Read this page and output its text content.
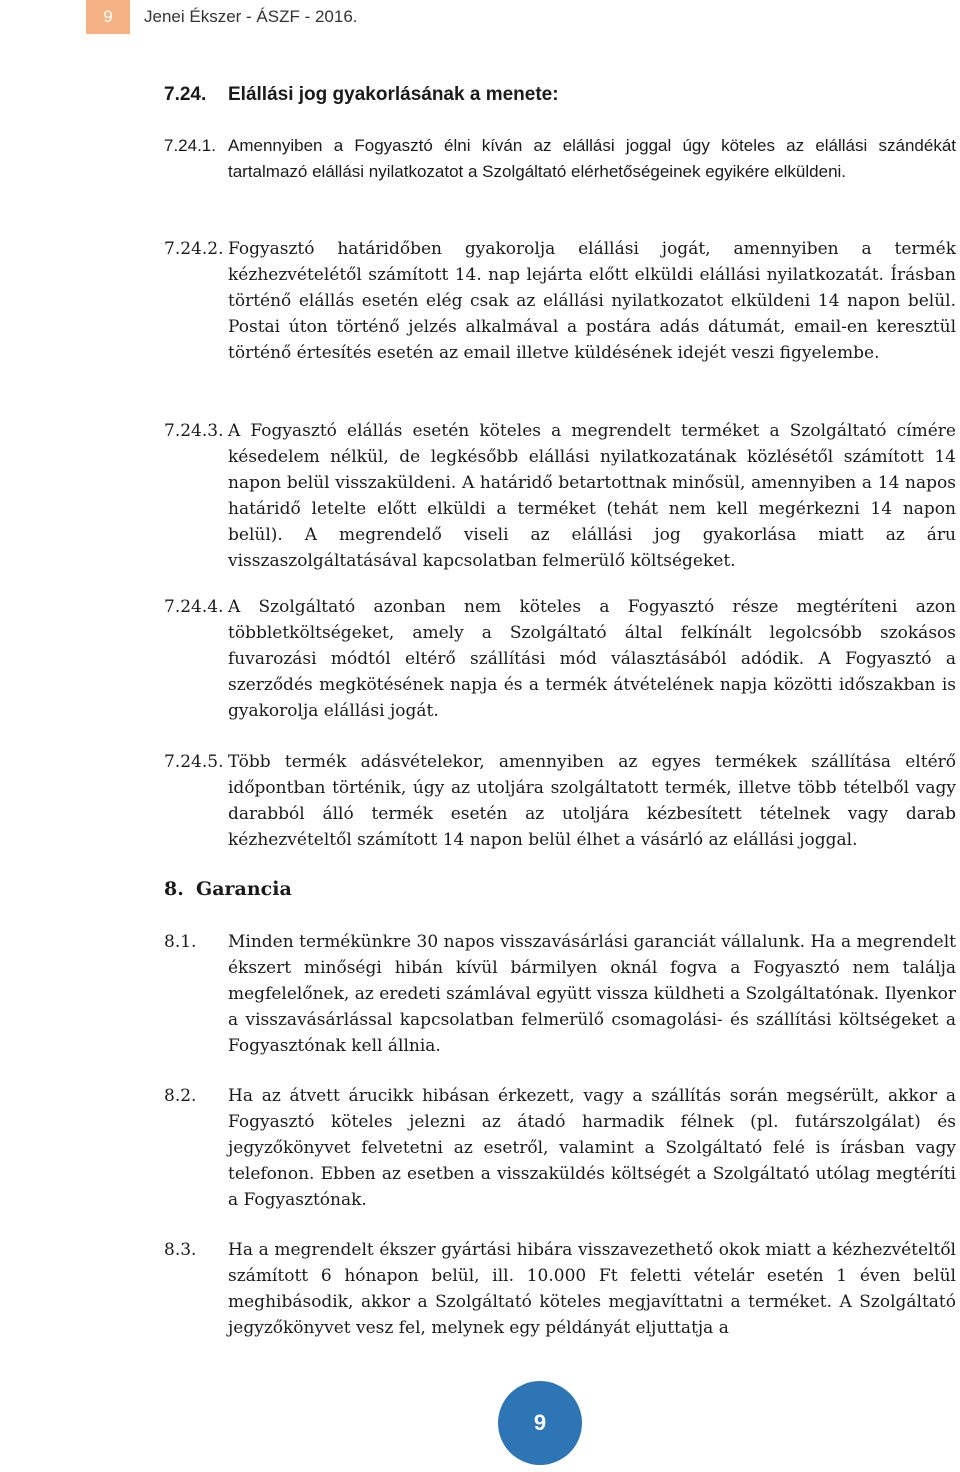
9	Jenei Ékszer - ÁSZF - 2016.
7.24. Elállási jog gyakorlásának a menete:
7.24.1. Amennyiben a Fogyasztó élni kíván az elállási joggal úgy köteles az elállási szándékát tartalmazó elállási nyilatkozatot a Szolgáltató elérhetőségeinek egyikére elküldeni.
7.24.2. Fogyasztó határidőben gyakorolja elállási jogát, amennyiben a termék kézhezvételétől számított 14. nap lejárta előtt elküldi elállási nyilatkozatát. Írásban történő elállás esetén elég csak az elállási nyilatkozatot elküldeni 14 napon belül. Postai úton történő jelzés alkalmával a postára adás dátumát, email-en keresztül történő értesítés esetén az email illetve küldésének idejét veszi figyelembe.
7.24.3. A Fogyasztó elállás esetén köteles a megrendelt terméket a Szolgáltató címére késedelem nélkül, de legkésőbb elállási nyilatkozatának közlésétől számított 14 napon belül visszaküldeni. A határidő betartottnak minősül, amennyiben a 14 napos határidő letelte előtt elküldi a terméket (tehát nem kell megérkezni 14 napon belül). A megrendelő viseli az elállási jog gyakorlása miatt az áru visszaszolgáltatásával kapcsolatban felmerülő költségeket.
7.24.4. A Szolgáltató azonban nem köteles a Fogyasztó része megtéríteni azon többletköltségeket, amely a Szolgáltató által felkínált legolcsóbb szokásos fuvarozási módtól eltérő szállítási mód választásából adódik. A Fogyasztó a szerződés megkötésének napja és a termék átvételének napja közötti időszakban is gyakorolja elállási jogát.
7.24.5. Több termék adásvételekor, amennyiben az egyes termékek szállítása eltérő időpontban történik, úgy az utoljára szolgáltatott termék, illetve több tételből vagy darabból álló termék esetén az utoljára kézbesített tételnek vagy darab kézhezvételtől számított 14 napon belül élhet a vásárló az elállási joggal.
8. Garancia
8.1. Minden termékünkre 30 napos visszavásárlási garanciát vállalunk. Ha a megrendelt ékszert minőségi hibán kívül bármilyen oknál fogva a Fogyasztó nem találja megfelelőnek, az eredeti számlával együtt vissza küldheti a Szolgáltatónak. Ilyenkor a visszavásárlással kapcsolatban felmerülő csomagolási- és szállítási költségeket a Fogyasztónak kell állnia.
8.2. Ha az átvett árucikk hibásan érkezett, vagy a szállítás során megsérült, akkor a Fogyasztó köteles jelezni az átadó harmadik félnek (pl. futárszolgálat) és jegyzőkönyvet felvetetni az esetről, valamint a Szolgáltató felé is írásban vagy telefonon. Ebben az esetben a visszaküldés költségét a Szolgáltató utólag megtéríti a Fogyasztónak.
8.3. Ha a megrendelt ékszer gyártási hibára visszavezethető okok miatt a kézhezvételtől számított 6 hónapon belül, ill. 10.000 Ft feletti vételár esetén 1 éven belül meghibásodik, akkor a Szolgáltató köteles megjavíttatni a terméket. A Szolgáltató jegyzőkönyvet vesz fel, melynek egy példányát eljuttatja a
9
